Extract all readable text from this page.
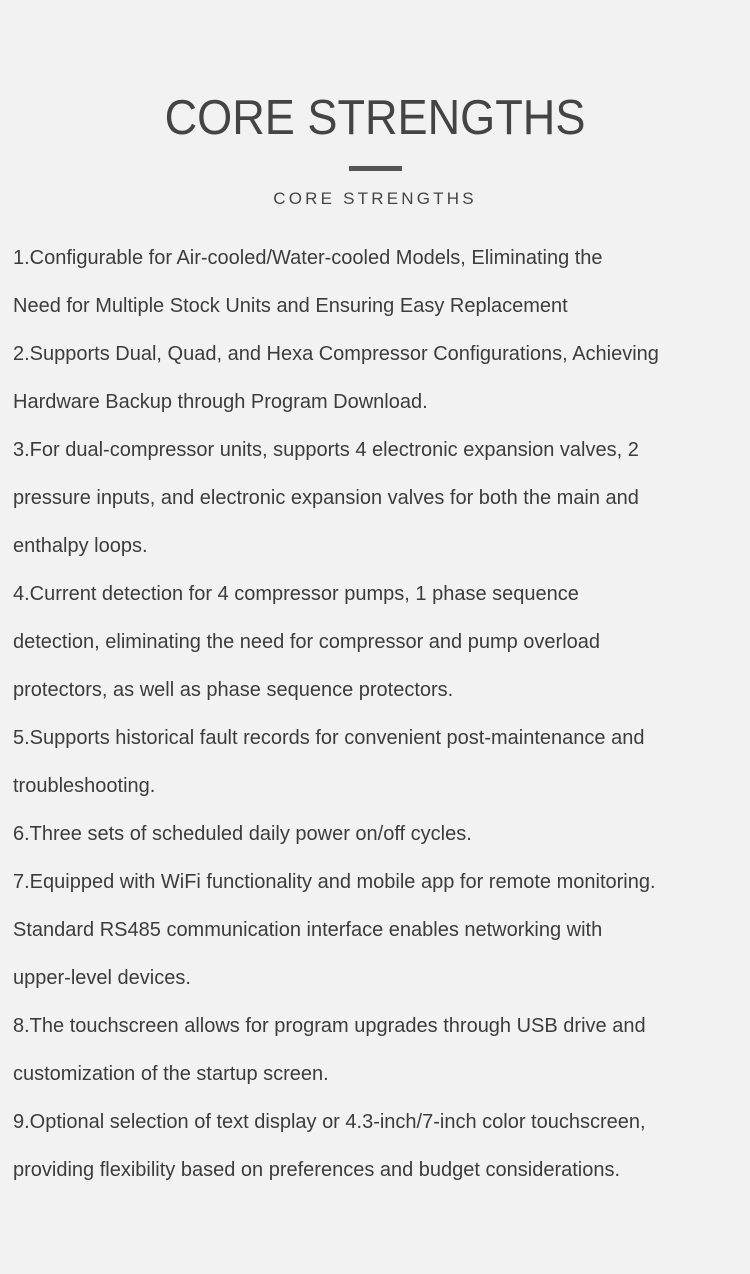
CORE STRENGTHS
CORE STRENGTHS
1.Configurable for Air-cooled/Water-cooled Models, Eliminating the
Need for Multiple Stock Units and Ensuring Easy Replacement
2.Supports Dual, Quad, and Hexa Compressor Configurations, Achieving
Hardware Backup through Program Download.
3.For dual-compressor units, supports 4 electronic expansion valves, 2
pressure inputs, and electronic expansion valves for both the main and
enthalpy loops.
4.Current detection for 4 compressor pumps, 1 phase sequence
detection, eliminating the need for compressor and pump overload
protectors, as well as phase sequence protectors.
5.Supports historical fault records for convenient post-maintenance and
troubleshooting.
6.Three sets of scheduled daily power on/off cycles.
7.Equipped with WiFi functionality and mobile app for remote monitoring.
Standard RS485 communication interface enables networking with
upper-level devices.
8.The touchscreen allows for program upgrades through USB drive and
customization of the startup screen.
9.Optional selection of text display or 4.3-inch/7-inch color touchscreen,
providing flexibility based on preferences and budget considerations.
